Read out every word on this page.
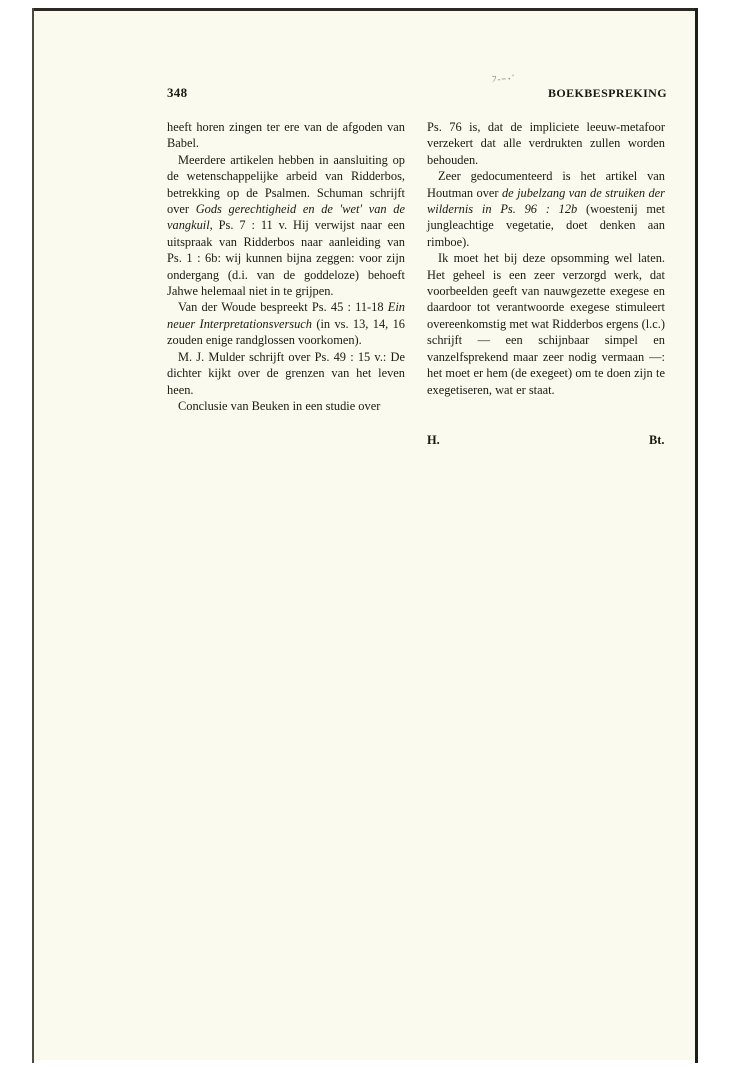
ﾌ-ｰ･ﾞ
348	BOEKBESPREKING

heeft horen zingen ter ere van de afgoden van Babel.

Meerdere artikelen hebben in aansluiting op de wetenschappelijke arbeid van Ridderbos, betrekking op de Psalmen. Schuman schrijft over Gods gerechtigheid en de 'wet' van de vangkuil, Ps. 7 : 11 v. Hij verwijst naar een uitspraak van Ridderbos naar aanleiding van Ps. 1 : 6b: wij kunnen bijna zeggen: voor zijn ondergang (d.i. van de goddeloze) behoeft Jahwe helemaal niet in te grijpen.

Van der Woude bespreekt Ps. 45 : 11-18 Ein neuer Interpretationsversuch (in vs. 13, 14, 16 zouden enige randglossen voorkomen).

M. J. Mulder schrijft over Ps. 49 : 15 v.: De dichter kijkt over de grenzen van het leven heen.

Conclusie van Beuken in een studie over

Ps. 76 is, dat de impliciete leeuw-metafoor verzekert dat alle verdrukten zullen worden behouden.

Zeer gedocumenteerd is het artikel van Houtman over de jubelzang van de struiken der wildernis in Ps. 96 : 12b (woestenij met jungleachtige vegetatie, doet denken aan rimboe).

Ik moet het bij deze opsomming wel laten. Het geheel is een zeer verzorgd werk, dat voorbeelden geeft van nauwgezette exegese en daardoor tot verantwoorde exegese stimuleert overeenkomstig met wat Ridderbos ergens (l.c.) schrijft — een schijnbaar simpel en vanzelfsprekend maar zeer nodig vermaan —: het moet er hem (de exegeet) om te doen zijn te exegetiseren, wat er staat.

H.	Bt.
